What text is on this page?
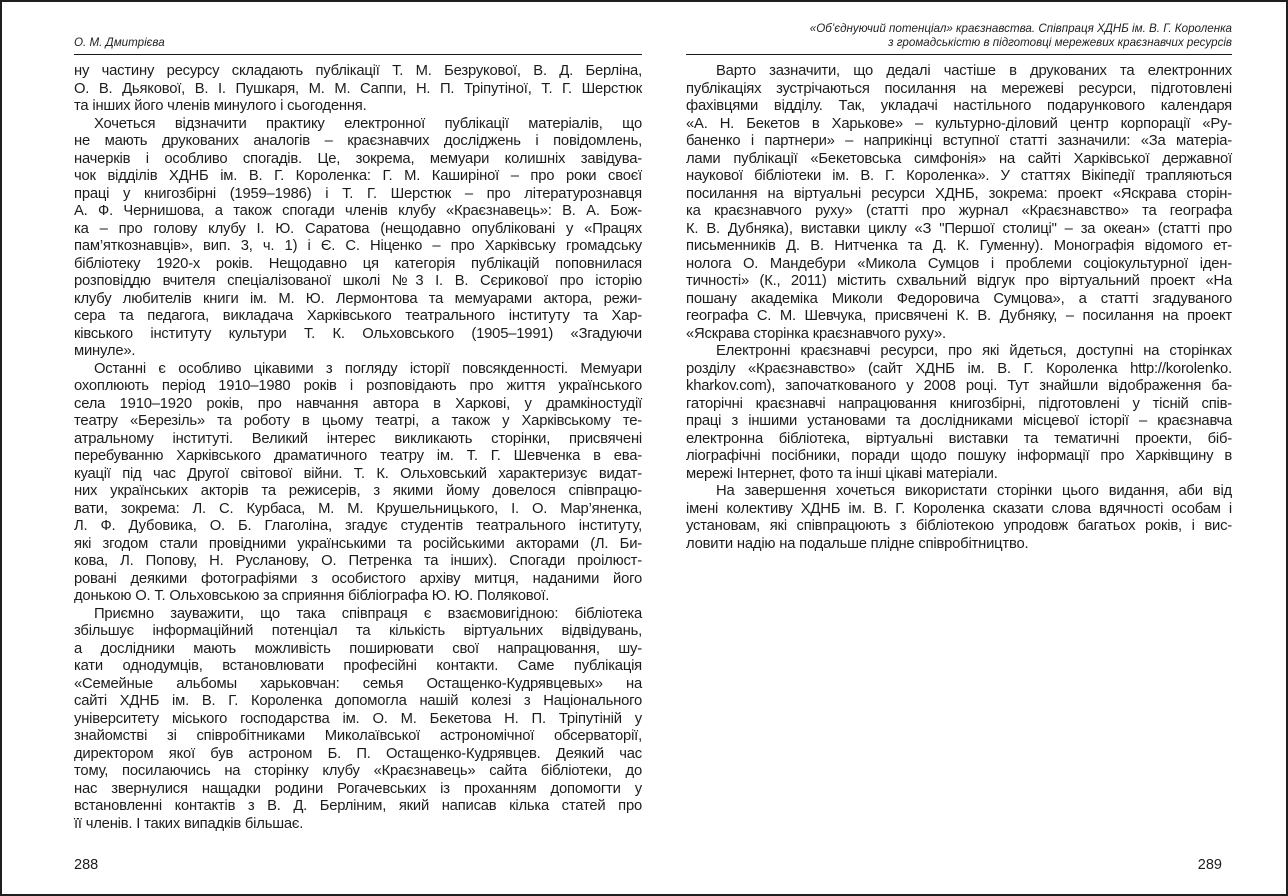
О. М. Дмитрієва
ну частину ресурсу складають публікації Т. М. Безрукової, В. Д. Берліна,
О. В. Дьякової, В. І. Пушкаря, М. М. Саппи, Н. П. Тріпутіної, Т. Г. Шерстюк
та інших його членів минулого і сьогодення.
Хочеться відзначити практику електронної публікації матеріалів, що
не мають друкованих аналогів – краєзнавчих досліджень і повідомлень,
начерків і особливо спогадів. Це, зокрема, мемуари колишніх завідува-
чок відділів ХДНБ ім. В. Г. Короленка: Г. М. Каширіної – про роки своєї
праці у книгозбірні (1959–1986) і Т. Г. Шерстюк – про літературознавця
А. Ф. Чернишова, а також спогади членів клубу «Краєзнавець»: В. А. Бож-
ка – про голову клубу І. Ю. Саратова (нещодавно опубліковані у «Працях
пам’яткознавців», вип. 3, ч. 1) і Є. С. Ніценко – про Харківську громадську
бібліотеку 1920-х років. Нещодавно ця категорія публікацій поповнилася
розповіддю вчителя спеціалізованої школі №3 І. В. Сєрикової про історію
клубу любителів книги ім. М. Ю. Лермонтова та мемуарами актора, режи-
сера та педагога, викладача Харківського театрального інституту та Хар-
ківського інституту культури Т. К. Ольховського (1905–1991) «Згадуючи
минуле».
Останні є особливо цікавими з погляду історії повсякденності. Мемуари
охоплюють період 1910–1980 років і розповідають про життя українського
села 1910–1920 років, про навчання автора в Харкові, у драмкіностудії
театру «Березіль» та роботу в цьому театрі, а також у Харківському те-
атральному інституті. Великий інтерес викликають сторінки, присвячені
перебуванню Харківського драматичного театру ім. Т. Г. Шевченка в ева-
куації під час Другої світової війни. Т. К. Ольховський характеризує видат-
них українських акторів та режисерів, з якими йому довелося співпрацю-
вати, зокрема: Л. С. Курбаса, М. М. Крушельницького, І. О. Мар’яненка,
Л. Ф. Дубовика, О. Б. Глаголіна, згадує студентів театрального інституту,
які згодом стали провідними українськими та російськими акторами (Л. Би-
кова, Л. Попову, Н. Русланову, О. Петренка та інших). Спогади проілюст-
ровані деякими фотографіями з особистого архіву митця, наданими його
донькою О. Т. Ольховською за сприяння бібліографа Ю. Ю. Полякової.
Приємно зауважити, що така співпраця є взаємовигідною: бібліотека
збільшує інформаційний потенціал та кількість віртуальних відвідувань,
а дослідники мають можливість поширювати свої напрацювання, шу-
кати однодумців, встановлювати професійні контакти. Саме публікація
«Семейные альбомы харьковчан: семья Остащенко-Кудрявцевых» на
сайті ХДНБ ім. В. Г. Короленка допомогла нашій колезі з Національного
університету міського господарства ім. О. М. Бекетова Н. П. Тріпутіній у
знайомстві зі співробітниками Миколаївської астрономічної обсерваторії,
директором якої був астроном Б. П. Остащенко-Кудрявцев. Деякий час
тому, посилаючись на сторінку клубу «Краєзнавець» сайта бібліотеки, до
нас звернулися нащадки родини Рогачевських із проханням допомогти у
встановленні контактів з В. Д. Берліним, який написав кілька статей про
її членів. І таких випадків більшає.
288
«Об’єднуючий потенціал» краєзнавства. Співпраця ХДНБ ім. В. Г. Короленка
з громадськістю в підготовці мережевих краєзнавчих ресурсів
Варто зазначити, що дедалі частіше в друкованих та електронних
публікаціях зустрічаються посилання на мережеві ресурси, підготовлені
фахівцями відділу. Так, укладачі настільного подарункового календаря
«А. Н. Бекетов в Харькове» – культурно-діловий центр корпорації «Ру-
баненко і партнери» – наприкінці вступної статті зазначили: «За матеріа-
лами публікації «Бекетовська симфонія» на сайті Харківської державної
наукової бібліотеки ім. В. Г. Короленка». У статтях Вікіпедії трапляються
посилання на віртуальні ресурси ХДНБ, зокрема: проект «Яскрава сторін-
ка краєзнавчого руху» (статті про журнал «Краєзнавство» та географа
К. В. Дубняка), виставки циклу «З "Першої столиці" – за океан» (статті про
письменників Д. В. Нитченка та Д. К. Гуменну). Монографія відомого ет-
нолога О. Мандебури «Микола Сумцов і проблеми соціокультурної іден-
тичності» (К., 2011) містить схвальний відгук про віртуальний проект «На
пошану академіка Миколи Федоровича Сумцова», а статті згадуваного
географа С. М. Шевчука, присвячені К. В. Дубняку, – посилання на проект
«Яскрава сторінка краєзнавчого руху».
Електронні краєзнавчі ресурси, про які йдеться, доступні на сторінках
розділу «Краєзнавство» (сайт ХДНБ ім. В. Г. Короленка http://korolenko.
kharkov.com), започаткованого у 2008 році. Тут знайшли відображення ба-
гаторічні краєзнавчі напрацювання книгозбірні, підготовлені у тісній спів-
праці з іншими установами та дослідниками місцевої історії – краєзнавча
електронна бібліотека, віртуальні виставки та тематичні проекти, біб-
ліографічні посібники, поради щодо пошуку інформації про Харківщину в
мережі Інтернет, фото та інші цікаві матеріали.
На завершення хочеться використати сторінки цього видання, аби від
імені колективу ХДНБ ім. В. Г. Короленка сказати слова вдячності особам і
установам, які співпрацюють з бібліотекою упродовж багатьох років, і вис-
ловити надію на подальше плідне співробітництво.
289
